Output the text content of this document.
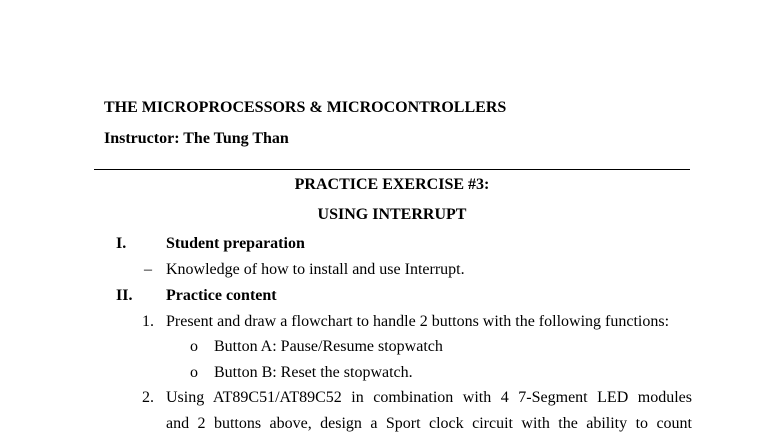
THE MICROPROCESSORS & MICROCONTROLLERS
Instructor: The Tung Than
PRACTICE EXERCISE #3:
USING INTERRUPT
I. Student preparation
– Knowledge of how to install and use Interrupt.
II. Practice content
1. Present and draw a flowchart to handle 2 buttons with the following functions:
o Button A: Pause/Resume stopwatch
o Button B: Reset the stopwatch.
2. Using AT89C51/AT89C52 in combination with 4 7-Segment LED modules
and 2 buttons above, design a Sport clock circuit with the ability to count
